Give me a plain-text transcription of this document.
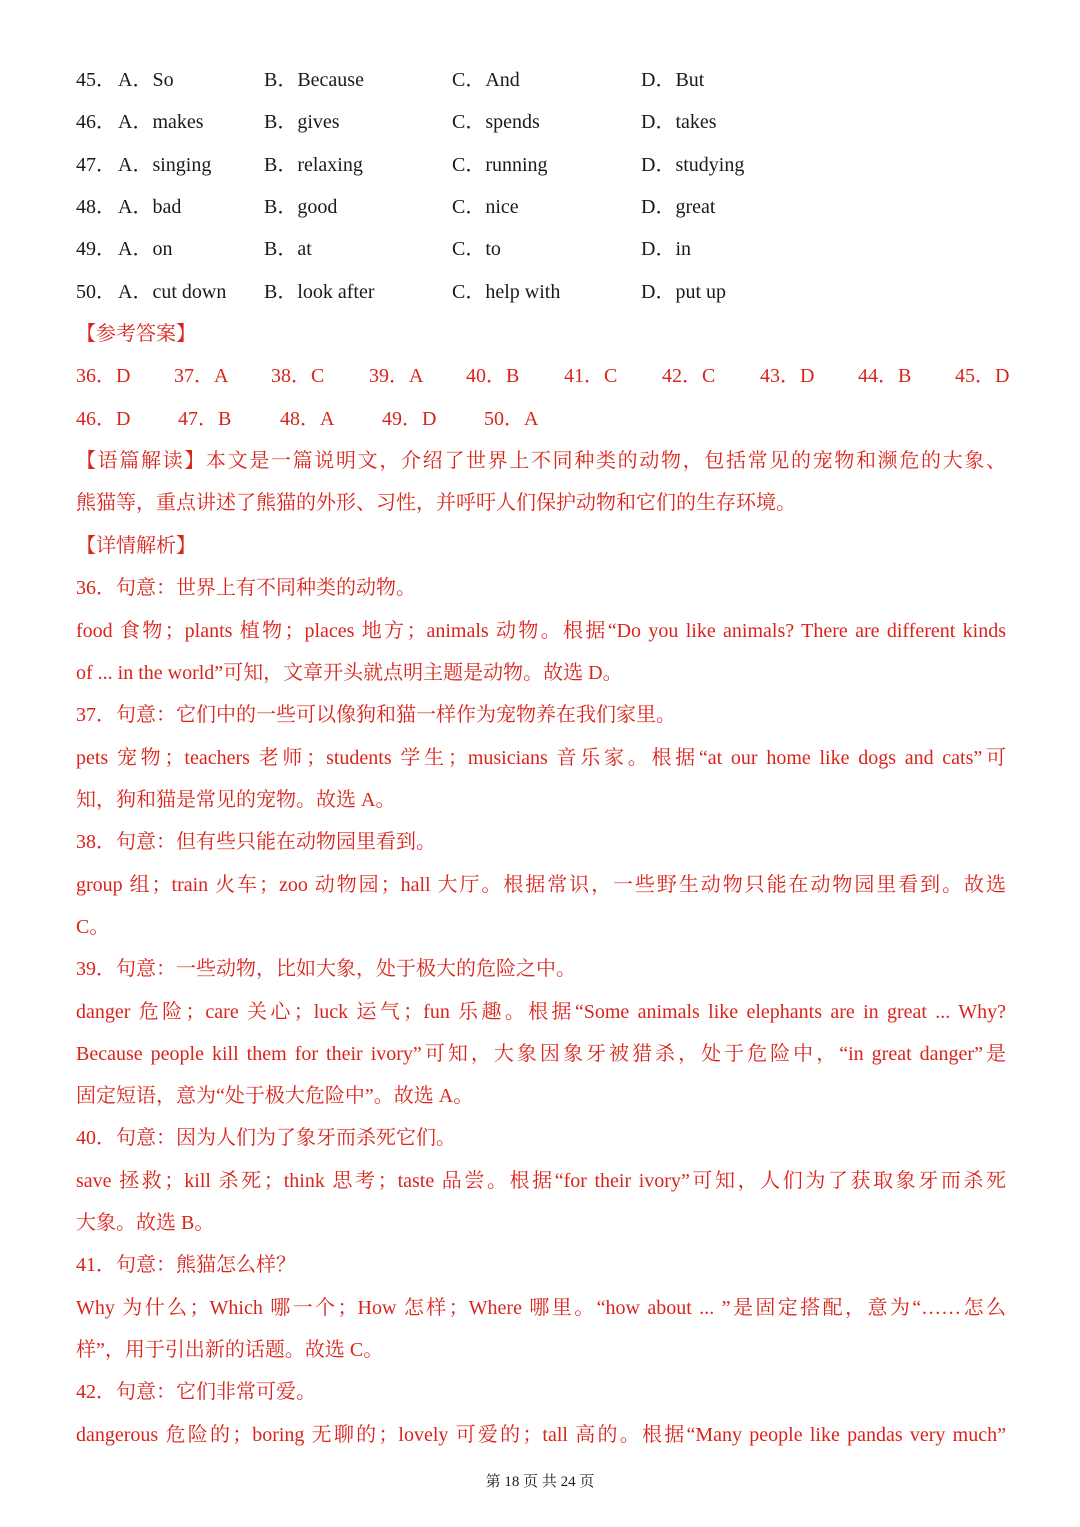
45． A．So	B．Because	C．And	D．But
46． A．makes	B．gives	C．spends	D．takes
47． A．singing	B．relaxing	C．running	D．studying
48． A．bad	B．good	C．nice	D．great
49． A．on	B．at	C．to	D．in
50． A．cut down B．look after	C．help with	D．put up
【参考答案】
36．D 37．A 38．C 39．A 40．B 41．C 42．C 43．D 44．B 45．D
46．D 47．B 48．A 49．D 50．A
【语篇解读】本文是一篇说明文，介绍了世界上不同种类的动物，包括常见的宠物和濒危的大象、
熊猫等，重点讲述了熊猫的外形、习性，并呼吁人们保护动物和它们的生存环境。
【详情解析】
36．句意：世界上有不同种类的动物。
food 食物；plants 植物；places 地方；animals 动物。根据“Do you like animals? There are different kinds
of ... in the world”可知，文章开头就点明主题是动物。故选 D。
37．句意：它们中的一些可以像狗和猫一样作为宠物养在我们家里。
pets 宠物；teachers 老师；students 学生；musicians 音乐家。根据“at our home like dogs and cats”可
知，狗和猫是常见的宠物。故选 A。
38．句意：但有些只能在动物园里看到。
group 组；train 火车；zoo 动物园；hall 大厅。根据常识，一些野生动物只能在动物园里看到。故选
C。
39．句意：一些动物，比如大象，处于极大的危险之中。
danger 危险；care 关心；luck 运气；fun 乐趣。根据“Some animals like elephants are in great ... Why?
Because people kill them for their ivory”可知，大象因象牙被猎杀，处于危险中，“in great danger”是
固定短语，意为“处于极大危险中”。故选 A。
40．句意：因为人们为了象牙而杀死它们。
save 拯救；kill 杀死；think 思考；taste 品尝。根据“for their ivory”可知，人们为了获取象牙而杀死
大象。故选 B。
41．句意：熊猫怎么样？
Why 为什么；Which 哪一个；How 怎样；Where 哪里。“how about ... ”是固定搭配，意为“……怎么
样”，用于引出新的话题。故选 C。
42．句意：它们非常可爱。
dangerous 危险的；boring 无聊的；lovely 可爱的；tall 高的。根据“Many people like pandas very much”
第 18 页 共 24 页
